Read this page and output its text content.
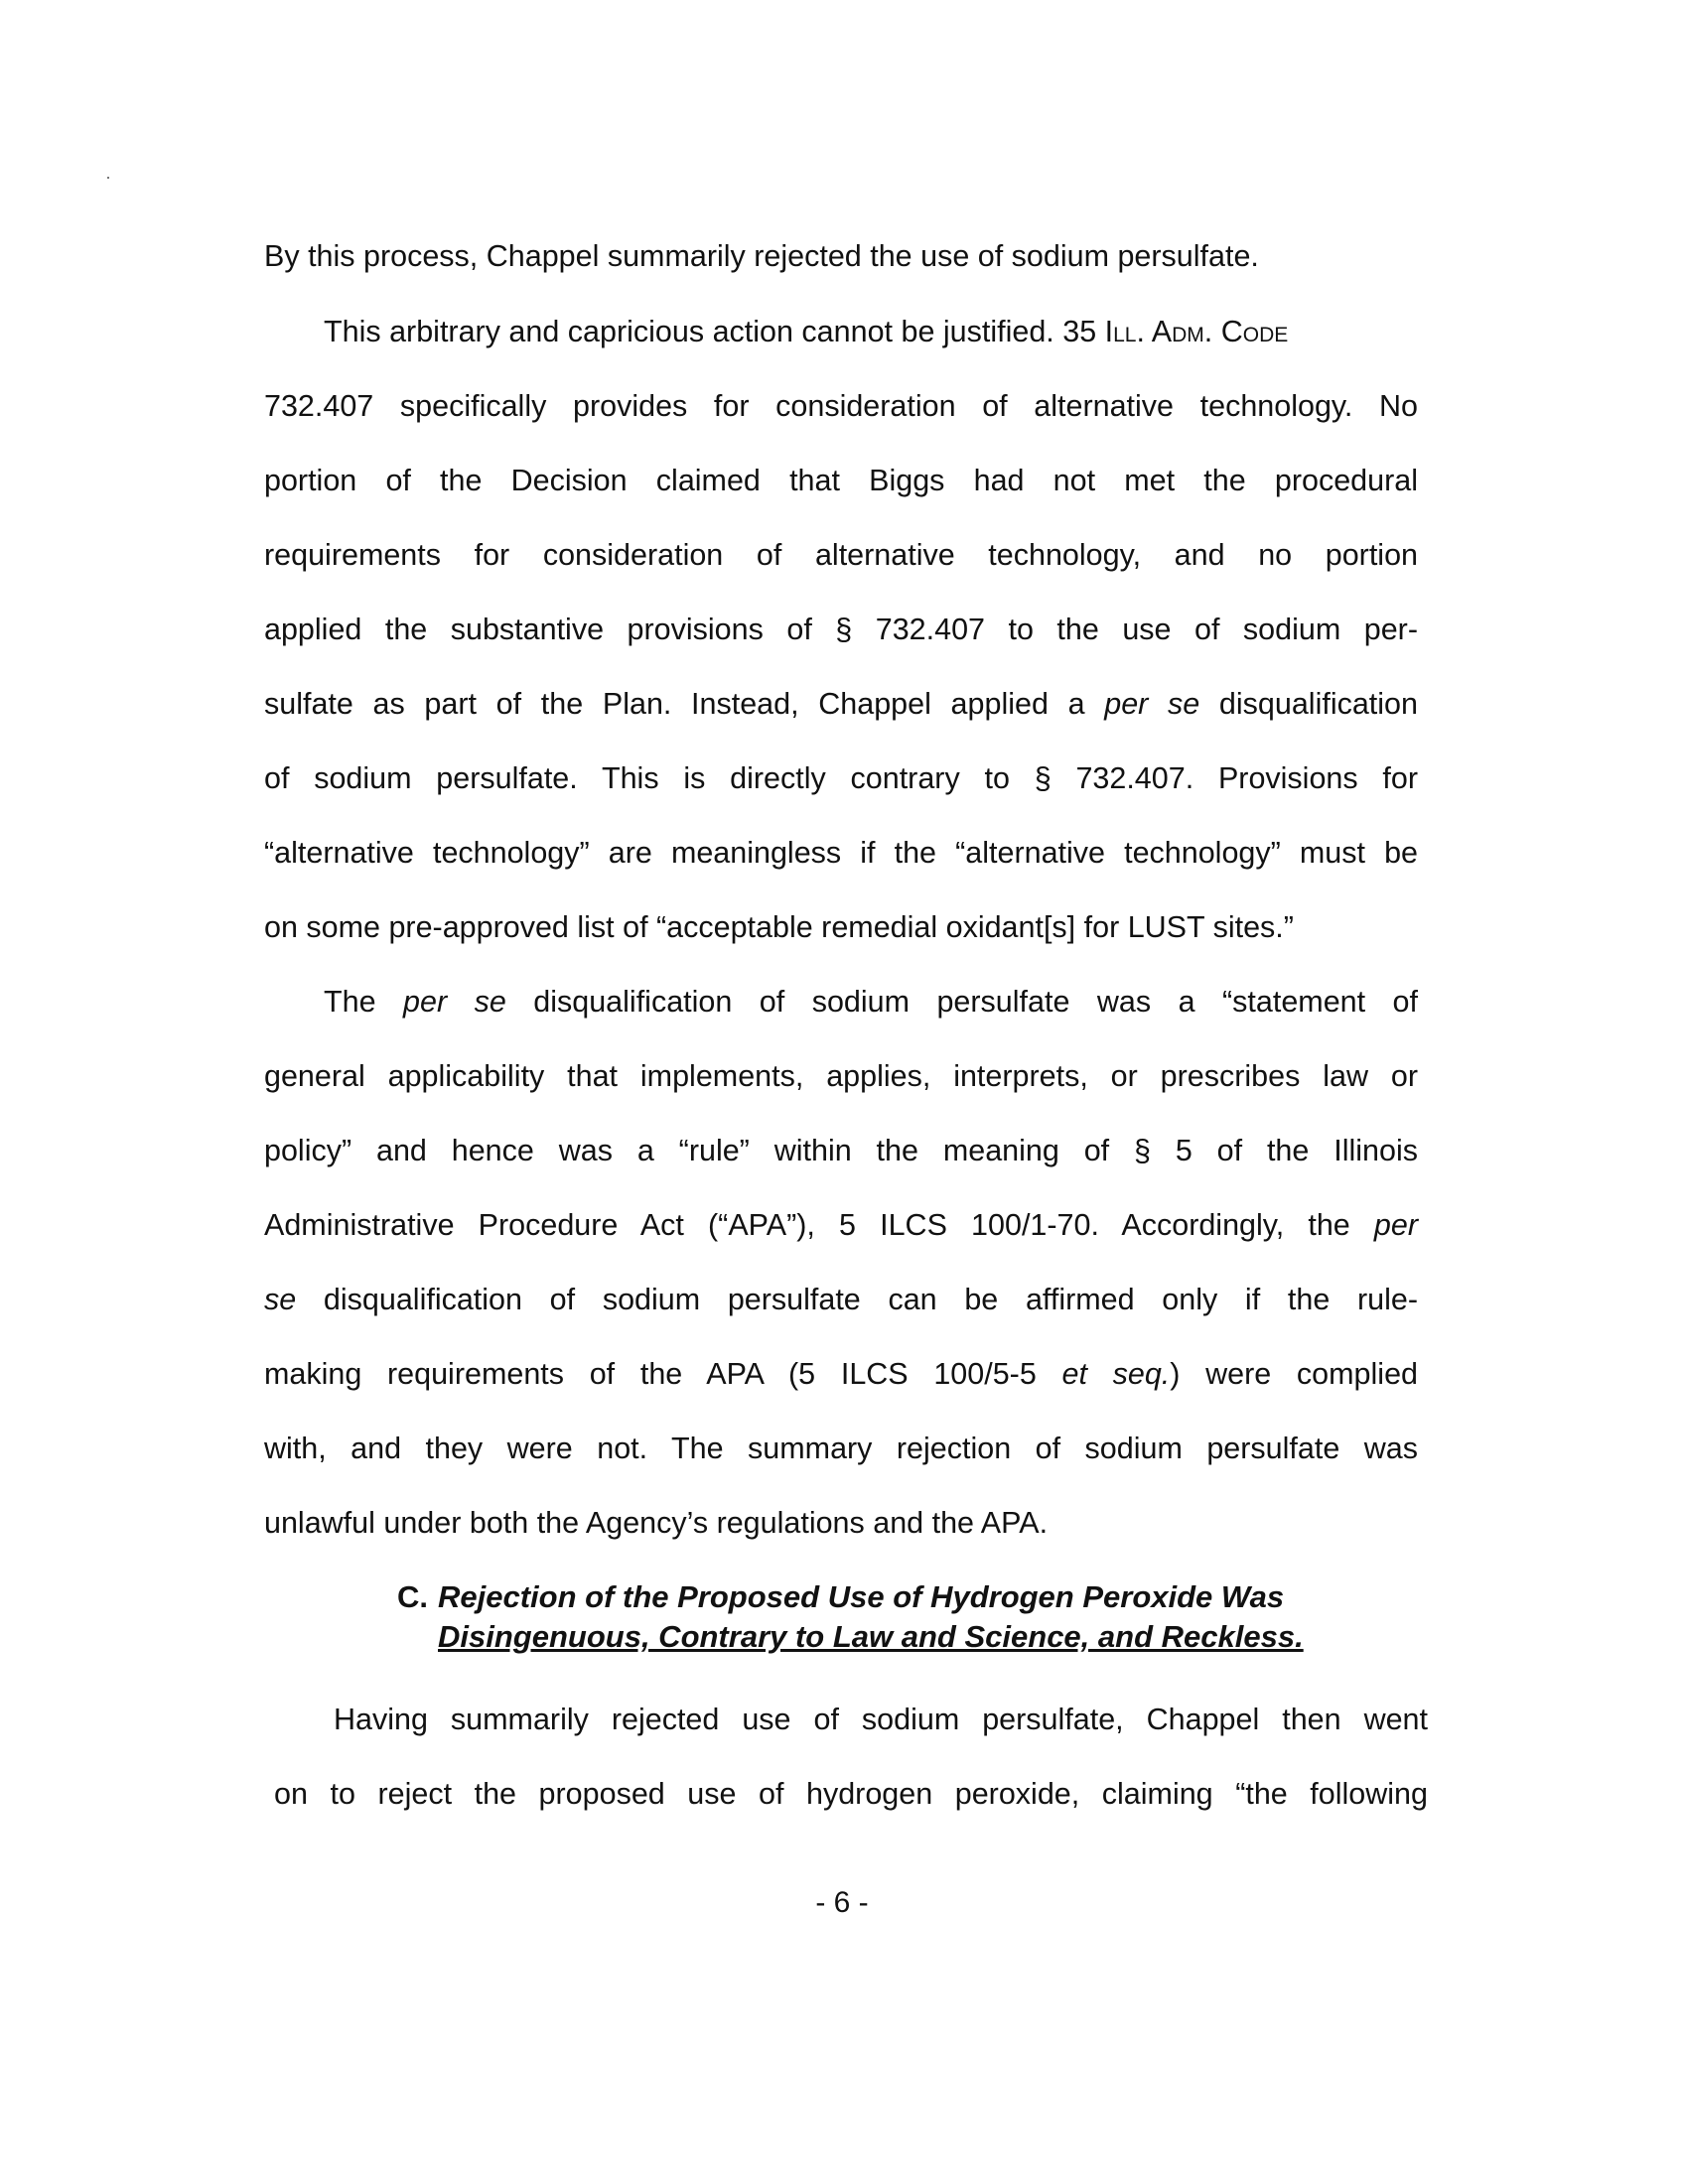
By this process, Chappel summarily rejected the use of sodium persulfate.
This arbitrary and capricious action cannot be justified. 35 Ill. Adm. Code
732.407 specifically provides for consideration of alternative technology. No
portion of the Decision claimed that Biggs had not met the procedural
requirements for consideration of alternative technology, and no portion
applied the substantive provisions of § 732.407 to the use of sodium per-
sulfate as part of the Plan. Instead, Chappel applied a per se disqualification
of sodium persulfate. This is directly contrary to § 732.407. Provisions for
“alternative technology” are meaningless if the “alternative technology” must be
on some pre-approved list of “acceptable remedial oxidant[s] for LUST sites.”
The per se disqualification of sodium persulfate was a “statement of
general applicability that implements, applies, interprets, or prescribes law or
policy” and hence was a “rule” within the meaning of § 5 of the Illinois
Administrative Procedure Act (“APA”), 5 ILCS 100/1-70. Accordingly, the per
se disqualification of sodium persulfate can be affirmed only if the rule-
making requirements of the APA (5 ILCS 100/5-5 et seq.) were complied
with, and they were not. The summary rejection of sodium persulfate was
unlawful under both the Agency’s regulations and the APA.
C. Rejection of the Proposed Use of Hydrogen Peroxide Was
Disingenuous, Contrary to Law and Science, and Reckless.
Having summarily rejected use of sodium persulfate, Chappel then went
on to reject the proposed use of hydrogen peroxide, claiming “the following
- 6 -
